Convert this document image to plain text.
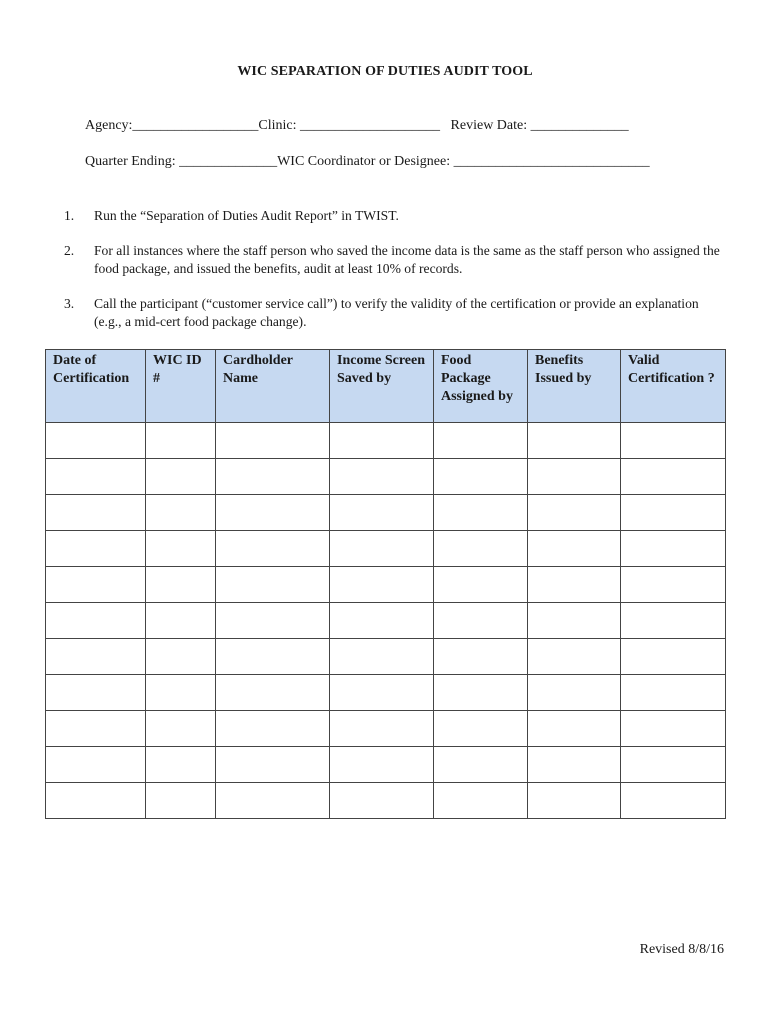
WIC SEPARATION OF DUTIES AUDIT TOOL
Agency:__________________Clinic: ____________________   Review Date: ______________
Quarter Ending: ______________WIC Coordinator or Designee: ____________________________
1.	Run the “Separation of Duties Audit Report” in TWIST.
2.	For all instances where the staff person who saved the income data is the same as the staff person who assigned the food package, and issued the benefits, audit at least 10% of records.
3.	Call the participant (“customer service call”) to verify the validity of the certification or provide an explanation (e.g., a mid-cert food package change).
Date of Certification	WIC ID #	Cardholder Name	Income Screen Saved by	Food Package Assigned by	Benefits Issued by	Valid Certification ?

Revised 8/8/16
